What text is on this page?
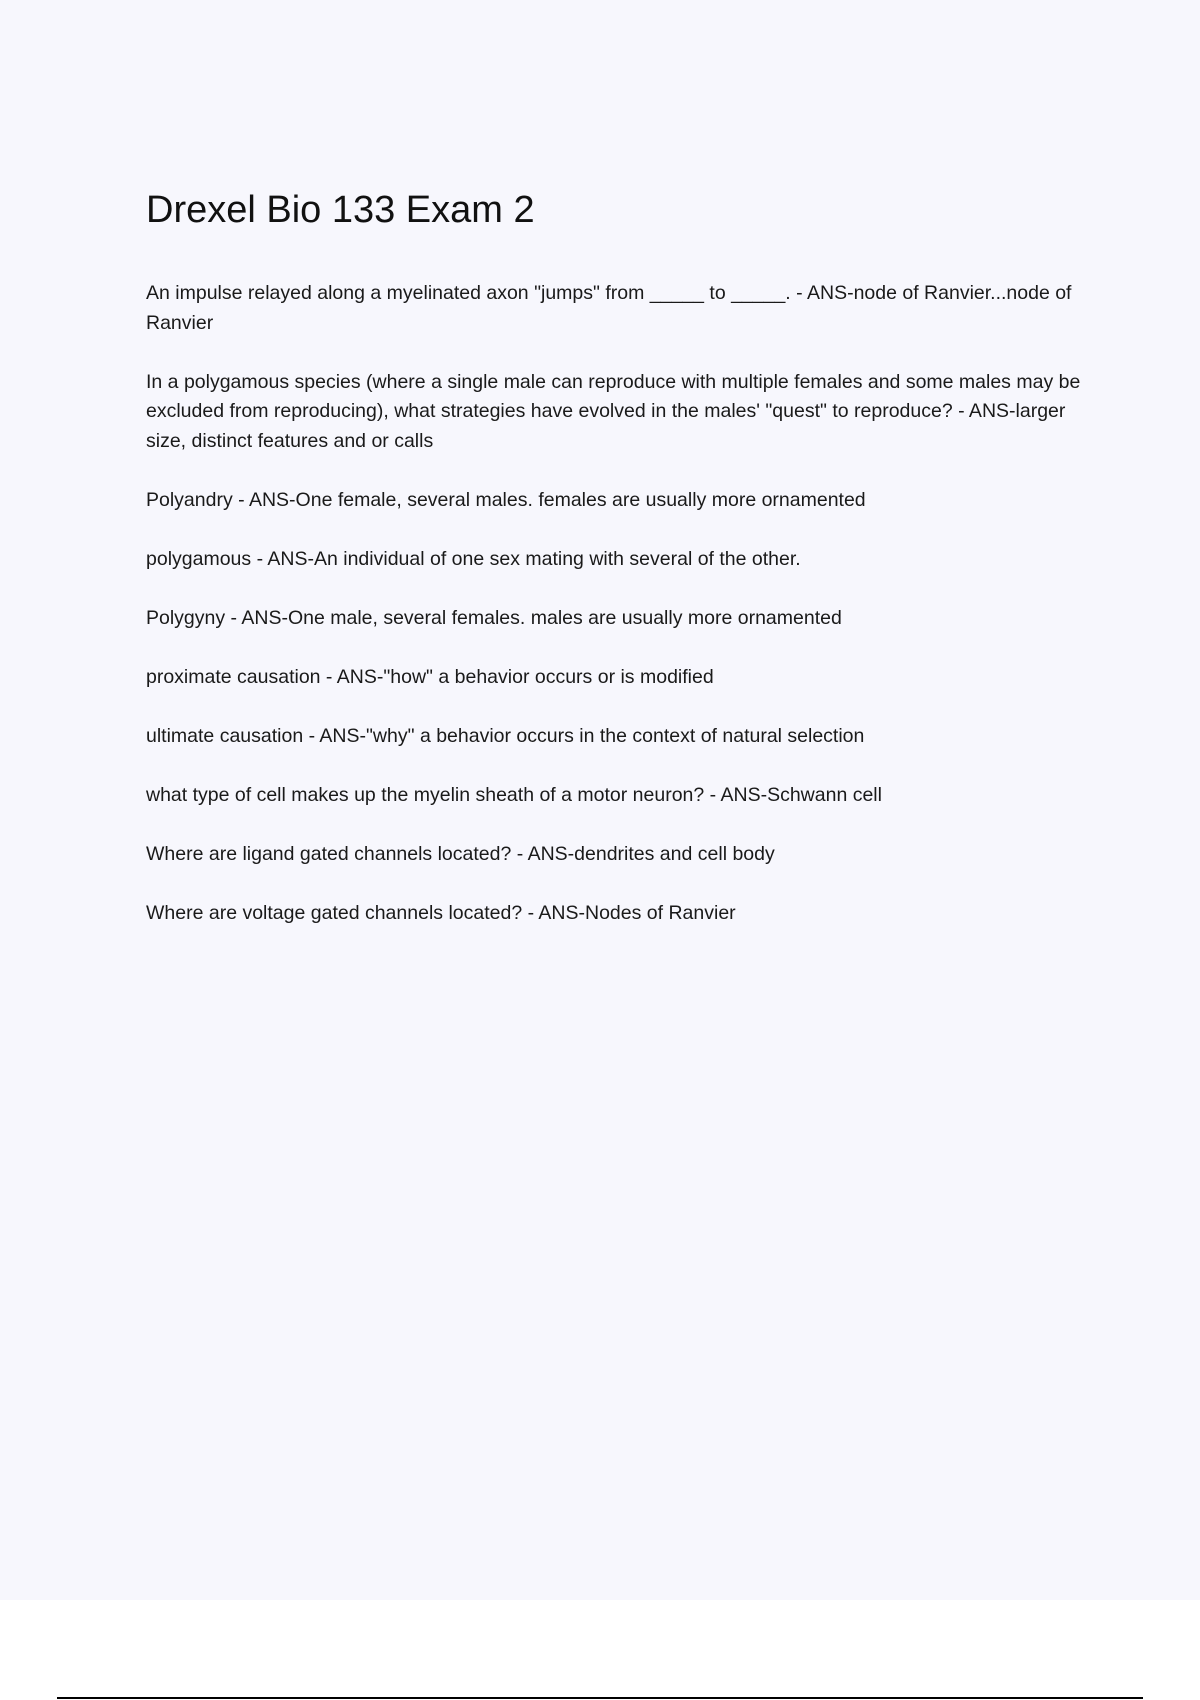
Drexel Bio 133 Exam 2
An impulse relayed along a myelinated axon "jumps" from _____ to _____. - ANS-node of Ranvier...node of Ranvier
In a polygamous species (where a single male can reproduce with multiple females and some males may be excluded from reproducing), what strategies have evolved in the males' "quest" to reproduce? - ANS-larger size, distinct features and or calls
Polyandry - ANS-One female, several males. females are usually more ornamented
polygamous - ANS-An individual of one sex mating with several of the other.
Polygyny - ANS-One male, several females. males are usually more ornamented
proximate causation - ANS-"how" a behavior occurs or is modified
ultimate causation - ANS-"why" a behavior occurs in the context of natural selection
what type of cell makes up the myelin sheath of a motor neuron? - ANS-Schwann cell
Where are ligand gated channels located? - ANS-dendrites and cell body
Where are voltage gated channels located? - ANS-Nodes of Ranvier
